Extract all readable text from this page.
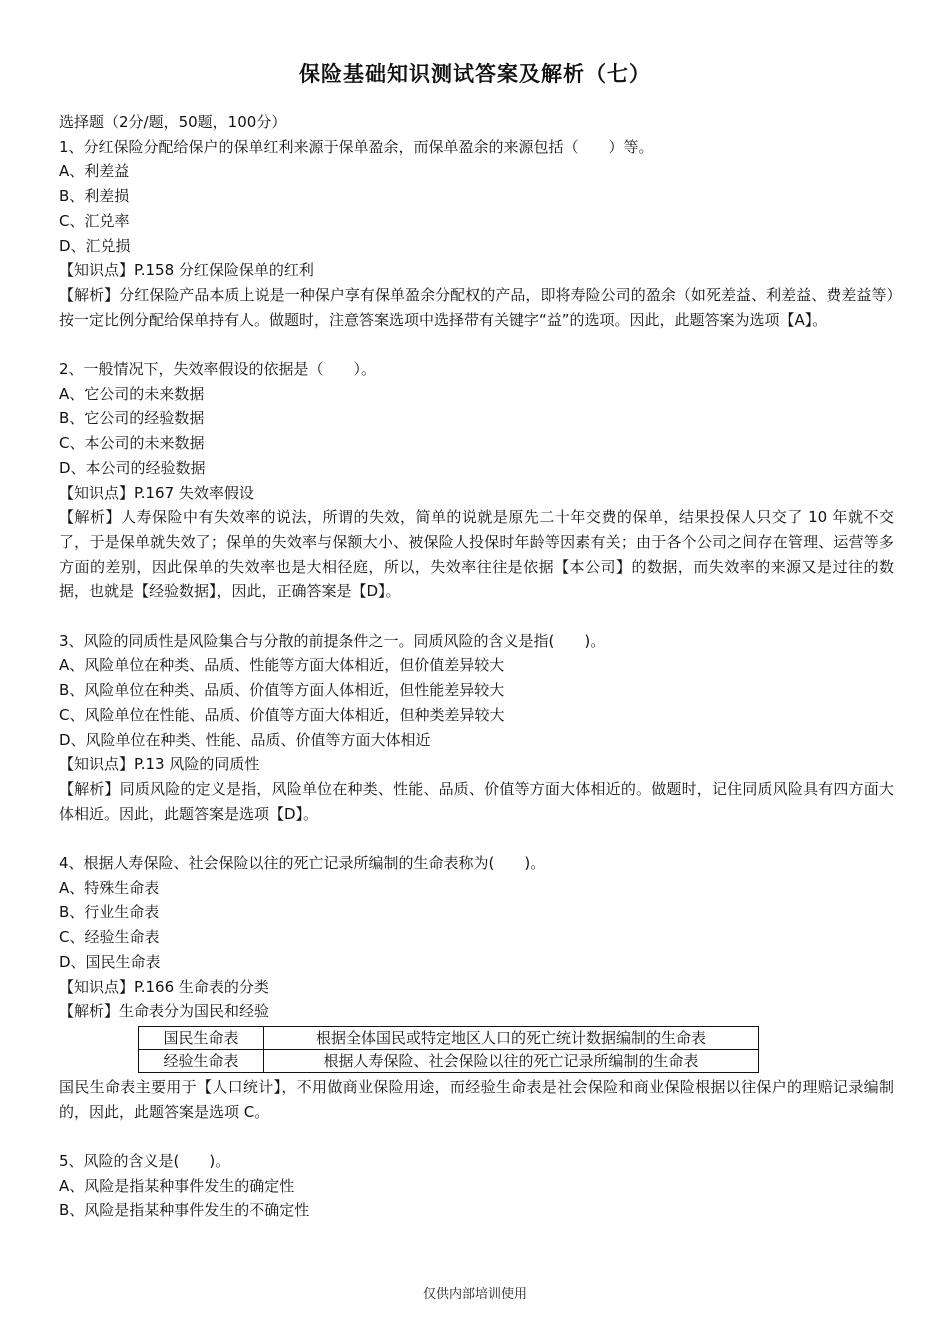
保险基础知识测试答案及解析（七）
选择题（2分/题，50题，100分）
1、分红保险分配给保户的保单红利来源于保单盈余，而保单盈余的来源包括（　　）等。
A、利差益
B、利差损
C、汇兑率
D、汇兑损
【知识点】P.158 分红保险保单的红利
【解析】分红保险产品本质上说是一种保户享有保单盈余分配权的产品，即将寿险公司的盈余（如死差益、利差益、费差益等）按一定比例分配给保单持有人。做题时，注意答案选项中选择带有关键字“益”的选项。因此，此题答案为选项【A】。
2、一般情况下，失效率假设的依据是（　　）。
A、它公司的未来数据
B、它公司的经验数据
C、本公司的未来数据
D、本公司的经验数据
【知识点】P.167 失效率假设
【解析】人寿保险中有失效率的说法，所谓的失效，简单的说就是原先二十年交费的保单，结果投保人只交了 10 年就不交了，于是保单就失效了；保单的失效率与保额大小、被保险人投保时年龄等因素有关；由于各个公司之间存在管理、运营等多方面的差别，因此保单的失效率也是大相径庭，所以，失效率往往是依据【本公司】的数据，而失效率的来源又是过往的数据，也就是【经验数据】，因此，正确答案是【D】。
3、风险的同质性是风险集合与分散的前提条件之一。同质风险的含义是指(　　)。
A、风险单位在种类、品质、性能等方面大体相近，但价值差异较大
B、风险单位在种类、品质、价值等方面人体相近，但性能差异较大
C、风险单位在性能、品质、价值等方面大体相近，但种类差异较大
D、风险单位在种类、性能、品质、价值等方面大体相近
【知识点】P.13 风险的同质性
【解析】同质风险的定义是指，风险单位在种类、性能、品质、价值等方面大体相近的。做题时，记住同质风险具有四方面大体相近。因此，此题答案是选项【D】。
4、根据人寿保险、社会保险以往的死亡记录所编制的生命表称为(　　)。
A、特殊生命表
B、行业生命表
C、经验生命表
D、国民生命表
【知识点】P.166 生命表的分类
【解析】生命表分为国民和经验
国民生命表	根据全体国民或特定地区人口的死亡统计数据编制的生命表
经验生命表	根据人寿保险、社会保险以往的死亡记录所编制的生命表
国民生命表主要用于【人口统计】，不用做商业保险用途，而经验生命表是社会保险和商业保险根据以往保户的理赔记录编制的，因此，此题答案是选项 C。
5、风险的含义是(　　)。
A、风险是指某种事件发生的确定性
B、风险是指某种事件发生的不确定性
仅供内部培训使用
